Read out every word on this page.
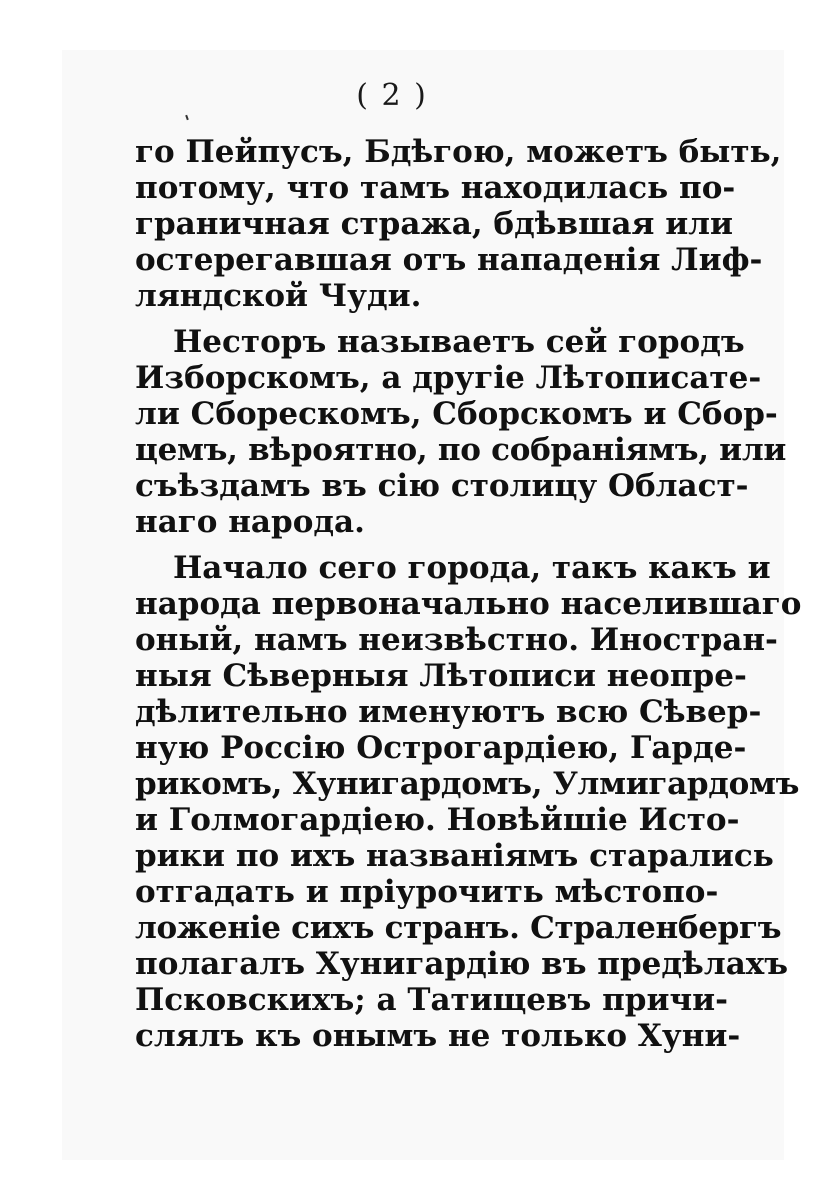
( 2 )
го Пейпусъ, Бдѣгою, можетъ быть,
потому, что тамъ находилась по-
граничная стража, бдѣвшая или
остерегавшая отъ нападенія Лиф-
ляндской Чуди.
Несторъ называетъ сей городъ
Изборскомъ, а другіе Лѣтописате-
ли Сборескомъ, Сборскомъ и Сбор-
цемъ, вѣроятно, по собраніямъ, или
съѣздамъ въ сію столицу Област-
наго народа.
Начало сего города, такъ какъ и
народа первоначально населившаго
оный, намъ неизвѣстно. Иностран-
ныя Сѣверныя Лѣтописи неопре-
дѣлительно именуютъ всю Сѣвер-
ную Россію Острогардіею, Гарде-
рикомъ, Хунигардомъ, Улмигардомъ
и Голмогардіею. Новѣйшіе Исто-
рики по ихъ названіямъ старались
отгадать и пріурочить мѣстопо-
ложеніе сихъ странъ. Страленбергъ
полагалъ Хунигардію въ предѣлахъ
Псковскихъ; а Татищевъ причи-
слялъ къ онымъ не только Хуни-
